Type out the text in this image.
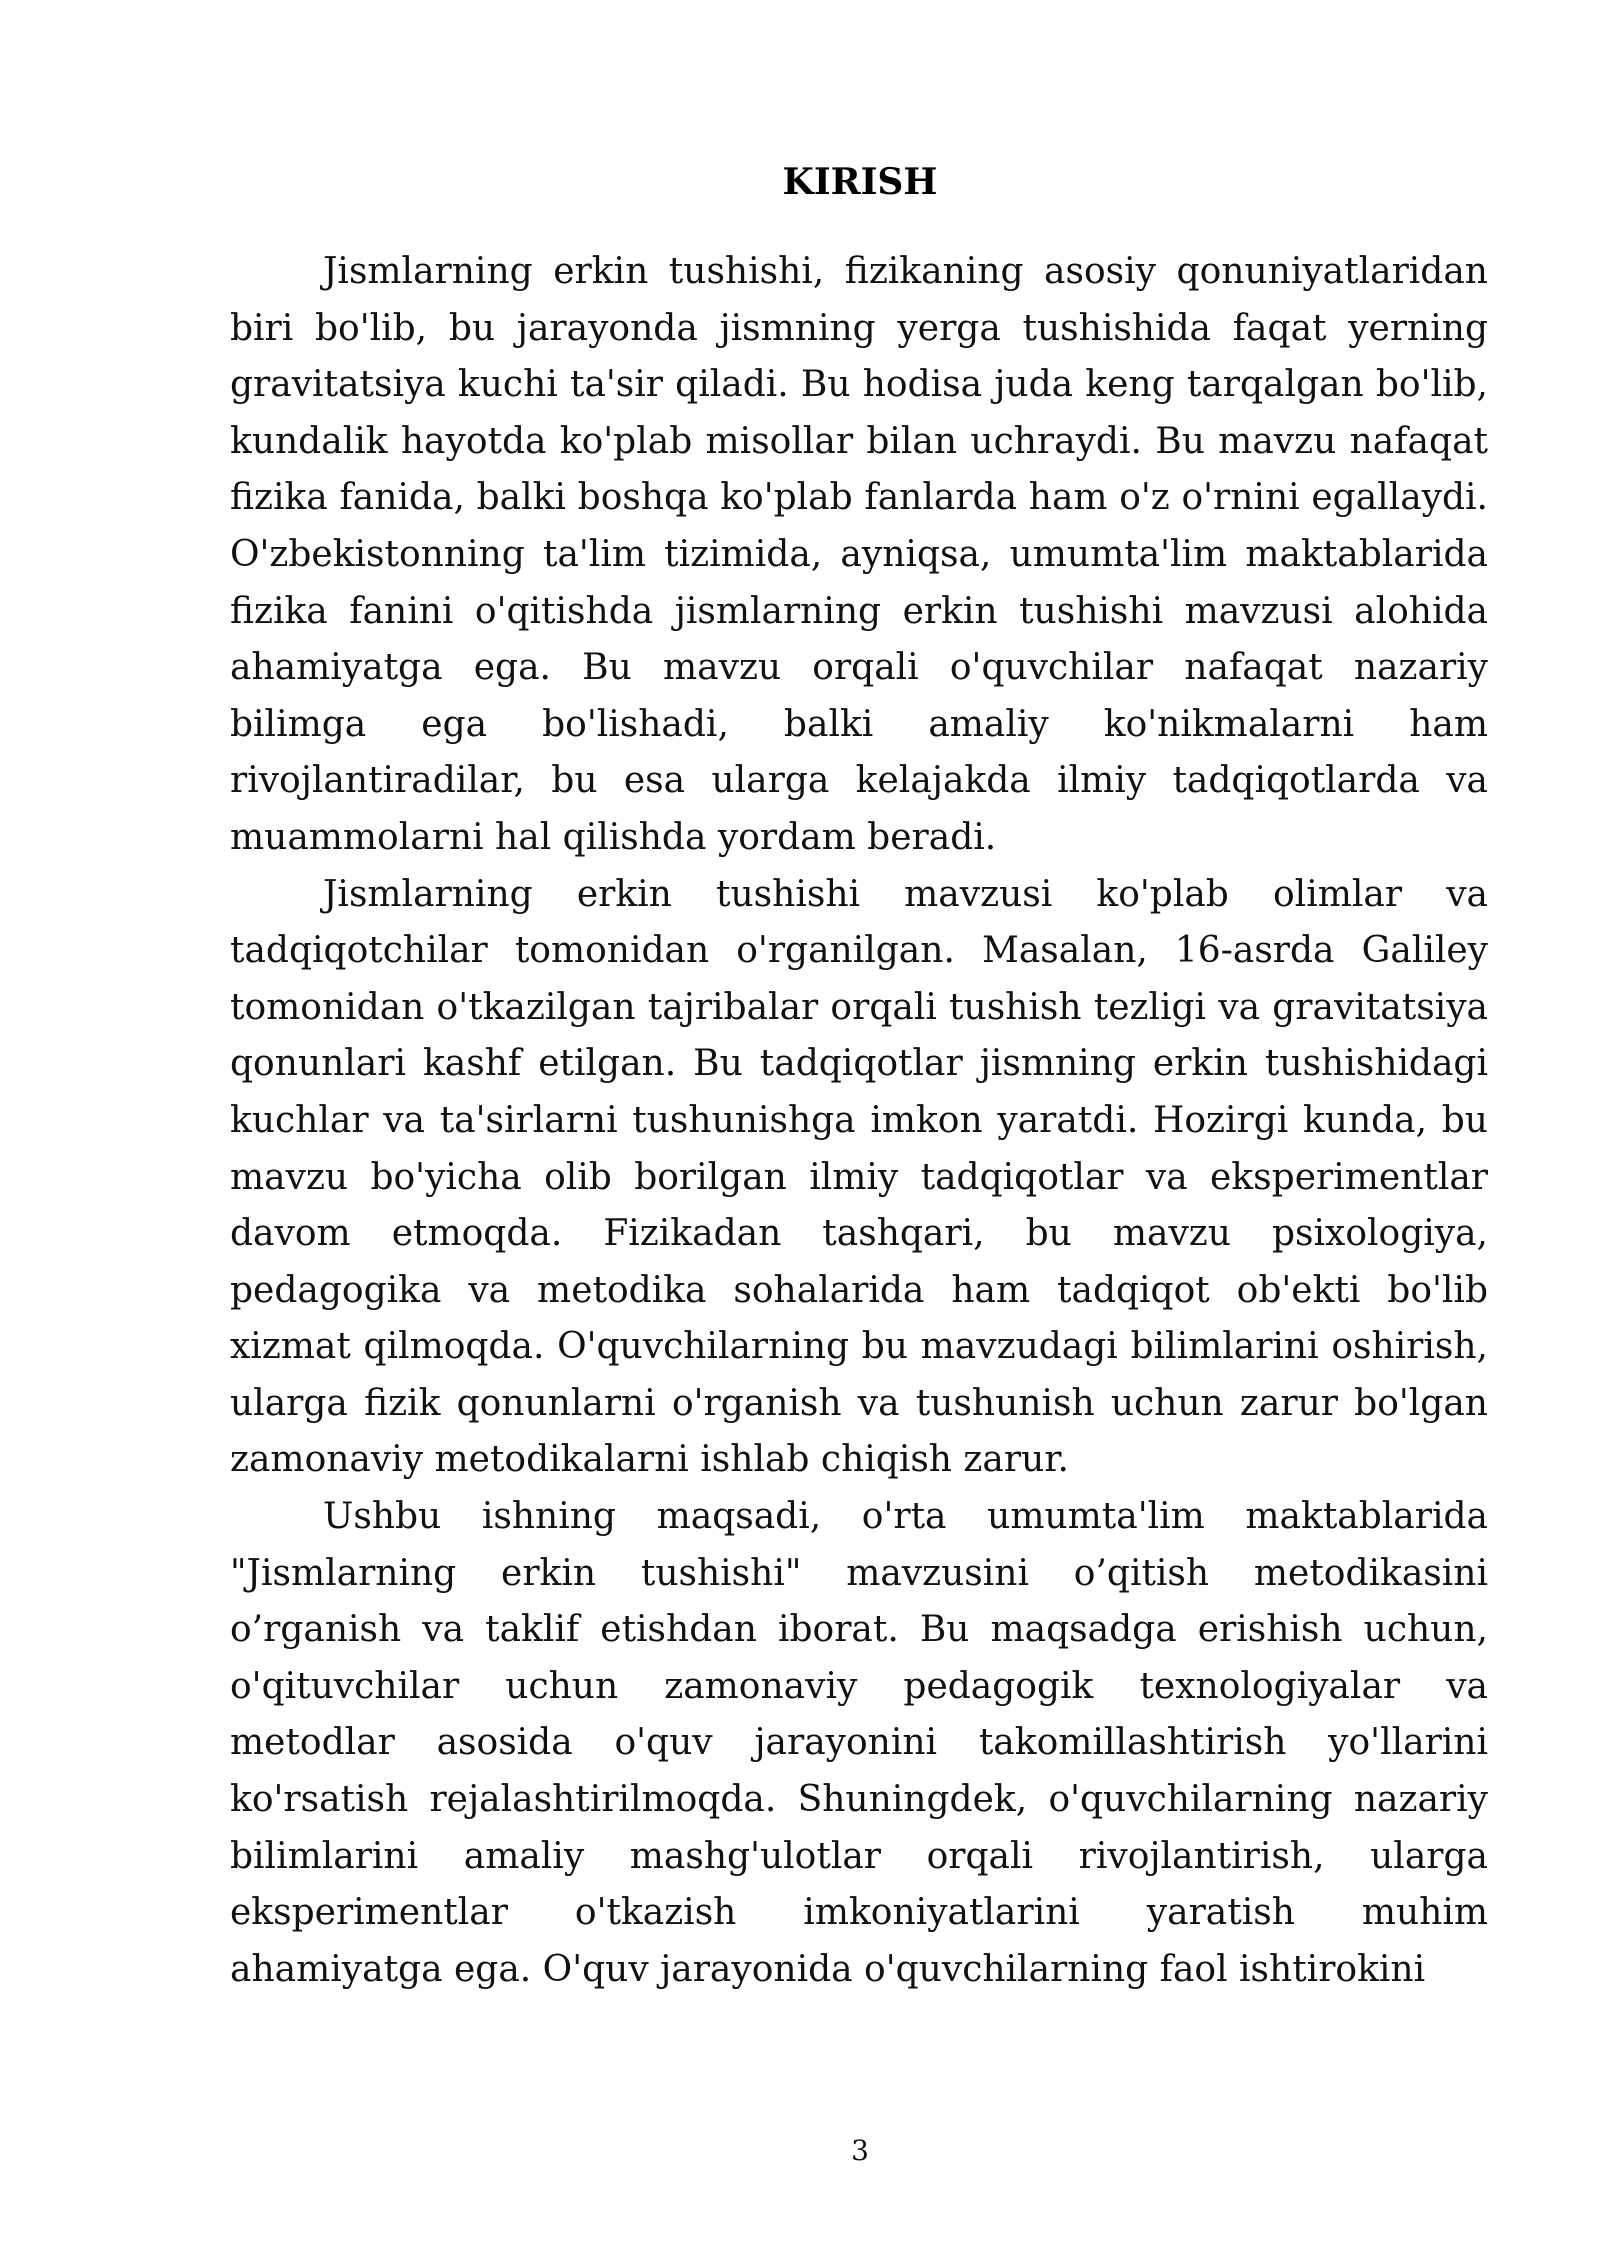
KIRISH

Jismlarning erkin tushishi, fizikaning asosiy qonuniyatlaridan biri bo'lib, bu jarayonda jismning yerga tushishida faqat yerning gravitatsiya kuchi ta'sir qiladi. Bu hodisa juda keng tarqalgan bo'lib, kundalik hayotda ko'plab misollar bilan uchraydi. Bu mavzu nafaqat fizika fanida, balki boshqa ko'plab fanlarda ham o'z o'rnini egallaydi. O'zbekistonning ta'lim tizimida, ayniqsa, umumta'lim maktablarida fizika fanini o'qitishda jismlarning erkin tushishi mavzusi alohida ahamiyatga ega. Bu mavzu orqali o'quvchilar nafaqat nazariy bilimga ega bo'lishadi, balki amaliy ko'nikmalarni ham rivojlantiradilar, bu esa ularga kelajakda ilmiy tadqiqotlarda va muammolarni hal qilishda yordam beradi.

Jismlarning erkin tushishi mavzusi ko'plab olimlar va tadqiqotchilar tomonidan o'rganilgan. Masalan, 16-asrda Galiley tomonidan o'tkazilgan tajribalar orqali tushish tezligi va gravitatsiya qonunlari kashf etilgan. Bu tadqiqotlar jismning erkin tushishidagi kuchlar va ta'sirlarni tushunishga imkon yaratdi. Hozirgi kunda, bu mavzu bo'yicha olib borilgan ilmiy tadqiqotlar va eksperimentlar davom etmoqda. Fizikadan tashqari, bu mavzu psixologiya, pedagogika va metodika sohalarida ham tadqiqot ob'ekti bo'lib xizmat qilmoqda. O'quvchilarning bu mavzudagi bilimlarini oshirish, ularga fizik qonunlarni o'rganish va tushunish uchun zarur bo'lgan zamonaviy metodikalarni ishlab chiqish zarur.

Ushbu ishning maqsadi, o'rta umumta'lim maktablarida "Jismlarning erkin tushishi" mavzusini o’qitish metodikasini o’rganish va taklif etishdan iborat. Bu maqsadga erishish uchun, o'qituvchilar uchun zamonaviy pedagogik texnologiyalar va metodlar asosida o'quv jarayonini takomillashtirish yo'llarini ko'rsatish rejalashtirilmoqda. Shuningdek, o'quvchilarning nazariy bilimlarini amaliy mashg'ulotlar orqali rivojlantirish, ularga eksperimentlar o'tkazish imkoniyatlarini yaratish muhim ahamiyatga ega. O'quv jarayonida o'quvchilarning faol ishtirokini

3
